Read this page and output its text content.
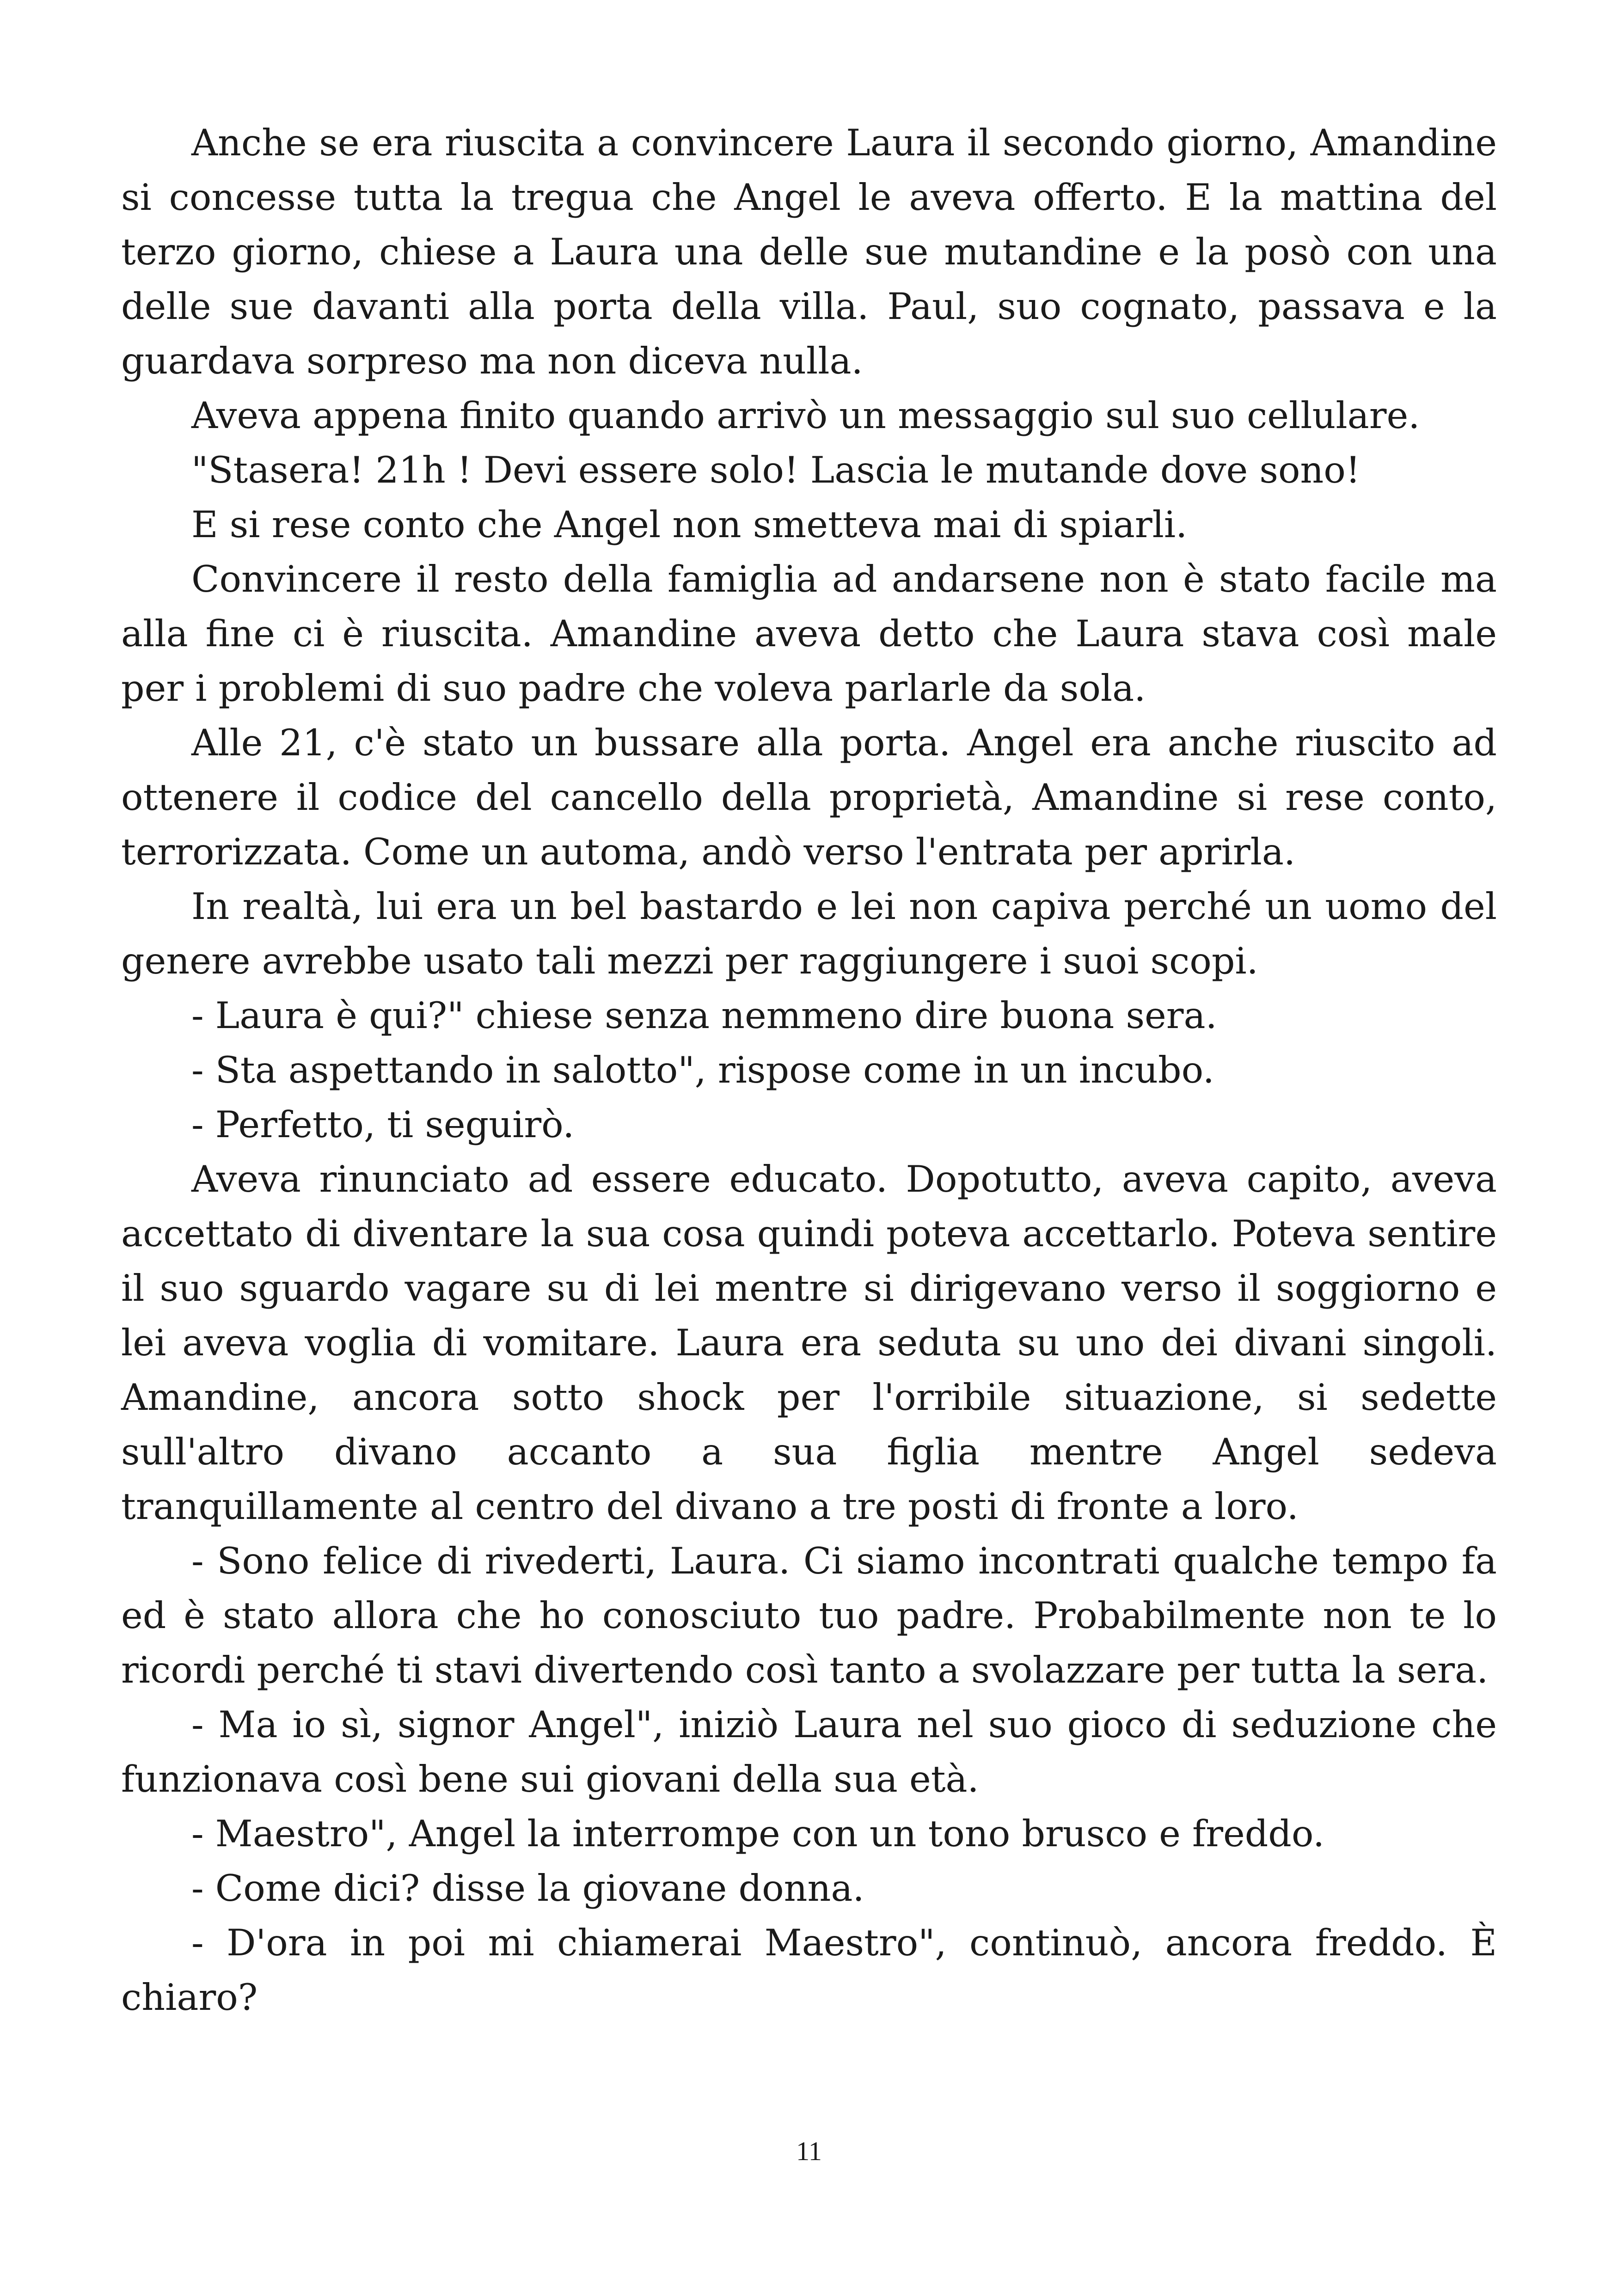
Anche se era riuscita a convincere Laura il secondo giorno, Amandine si concesse tutta la tregua che Angel le aveva offerto. E la mattina del terzo giorno, chiese a Laura una delle sue mutandine e la posò con una delle sue davanti alla porta della villa. Paul, suo cognato, passava e la guardava sorpreso ma non diceva nulla.

Aveva appena finito quando arrivò un messaggio sul suo cellulare.

"Stasera! 21h ! Devi essere solo! Lascia le mutande dove sono!

E si rese conto che Angel non smetteva mai di spiarli.

Convincere il resto della famiglia ad andarsene non è stato facile ma alla fine ci è riuscita. Amandine aveva detto che Laura stava così male per i problemi di suo padre che voleva parlarle da sola.

Alle 21, c'è stato un bussare alla porta. Angel era anche riuscito ad ottenere il codice del cancello della proprietà, Amandine si rese conto, terrorizzata. Come un automa, andò verso l'entrata per aprirla.

In realtà, lui era un bel bastardo e lei non capiva perché un uomo del genere avrebbe usato tali mezzi per raggiungere i suoi scopi.

- Laura è qui?" chiese senza nemmeno dire buona sera.

- Sta aspettando in salotto", rispose come in un incubo.

- Perfetto, ti seguirò.

Aveva rinunciato ad essere educato. Dopotutto, aveva capito, aveva accettato di diventare la sua cosa quindi poteva accettarlo. Poteva sentire il suo sguardo vagare su di lei mentre si dirigevano verso il soggiorno e lei aveva voglia di vomitare. Laura era seduta su uno dei divani singoli. Amandine, ancora sotto shock per l'orribile situazione, si sedette sull'altro divano accanto a sua figlia mentre Angel sedeva tranquillamente al centro del divano a tre posti di fronte a loro.

- Sono felice di rivederti, Laura. Ci siamo incontrati qualche tempo fa ed è stato allora che ho conosciuto tuo padre. Probabilmente non te lo ricordi perché ti stavi divertendo così tanto a svolazzare per tutta la sera.

- Ma io sì, signor Angel", iniziò Laura nel suo gioco di seduzione che funzionava così bene sui giovani della sua età.

- Maestro", Angel la interrompe con un tono brusco e freddo.

- Come dici? disse la giovane donna.

- D'ora in poi mi chiamerai Maestro", continuò, ancora freddo. È chiaro?

11
